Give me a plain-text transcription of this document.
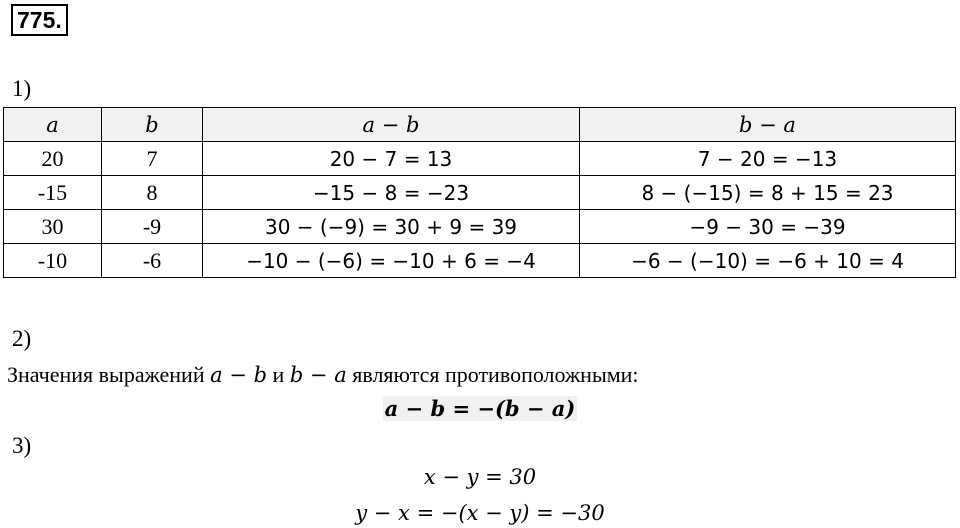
775.
1)
a	b	a − b	b − a
20	7	20 − 7 = 13	7 − 20 = −13
-15	8	−15 − 8 = −23	8 − (−15) = 8 + 15 = 23
30	-9	30 − (−9) = 30 + 9 = 39	−9 − 30 = −39
-10	-6	−10 − (−6) = −10 + 6 = −4	−6 − (−10) = −6 + 10 = 4
2)
Значения выражений a − b и b − a являются противоположными:
a − b = −(b − a)
3)
x − y = 30
y − x = −(x − y) = −30
